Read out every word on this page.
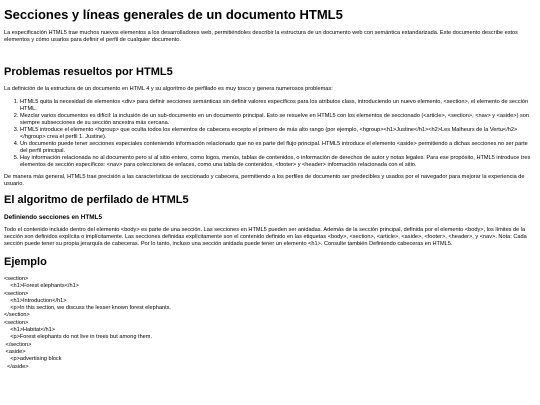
Secciones y líneas generales de un documento HTML5

La especificación HTML5 trae muchos nuevos elementos a los desarrolladores web, permitiéndoles describir la estructura de un documento web con semántica estandarizada. Este documento describe estos elementos y cómo usarlos para definir el perfil de cualquier documento.

Problemas resueltos por HTML5

La definición de la estructura de un documento en HTML 4 y su algoritmo de perfilado es muy tosco y genera numerosos problemas:

1. HTML5 quita la necesidad de elementos <div> para definir secciones semánticas sin definir valores específicos para los atributos class, introduciendo un nuevo elemento, <section>, el elemento de sección HTML.
2. Mezclar varios documentos es difícil: la inclusión de un sub-documento en un documento principal. Esto se resuelve en HTML5 con los elementos de seccionado (<article>, <section>, <nav> y <aside>) son siempre subsecciones de su sección ancestra más cercana.
3. HTML5 introduce el elemento <hgroup> que oculta todos los elementos de cabecera excepto el primero de más alto rango (por ejemplo, <hgroup><h1>Justine</h1><h2>Les Malheurs de la Vertu</h2></hgroup> crea el perfil 1. Justine).
4. Un documento puede tener secciones especiales conteniendo información relacionado que no es parte del flujo principal. HTML5 introduce el elemento <aside> permitiendo a dichas secciones no ser parte del perfil principal.
5. Hay información relacionada no al documento pero sí al sitio entero, como logos, menús, tablas de contenidos, o información de derechos de autor y notas legales. Para ese propósito, HTML5 introduce tres elementos de sección específicos: <nav> para colecciones de enlaces, como una tabla de contenidos, <footer> y <header> información relacionada con el sitio.

De manera más general, HTML5 trae precisión a las características de seccionado y cabecera, permitiendo a los perfiles de documento ser predecibles y usados por el navegador para mejorar la experiencia de usuario.

El algoritmo de perfilado de HTML5
Definiendo secciones en HTML5

Todo el contenido incluido dentro del elemento <body> es parte de una sección. Las secciones en HTML5 pueden ser anidadas. Además de la sección principal, definida por el elemento <body>, los límites de la sección son definidos explícita o implícitamente. Las secciones definidas explícitamente son el contenido definido en las etiquetas <body>, <section>, <article>, <aside>, <footer>, <header>, y <nav>. Nota: Cada sección puede tener su propia jerarquía de cabeceras. Por lo tanto, incluso una sección anidada puede tener un elemento <h1>. Consulte también Definiendo cabeceras en HTML5.

Ejemplo
<section>
<h1>Forest elephants</h1>
<section>
<h1>Introduction</h1>
<p>In this section, we discuss the lesser known forest elephants.
</section>
<section>
<h1>Habitat</h1>
<p>Forest elephants do not live in trees but among them.
</section>
<aside>
<p>advertising block
</aside>
